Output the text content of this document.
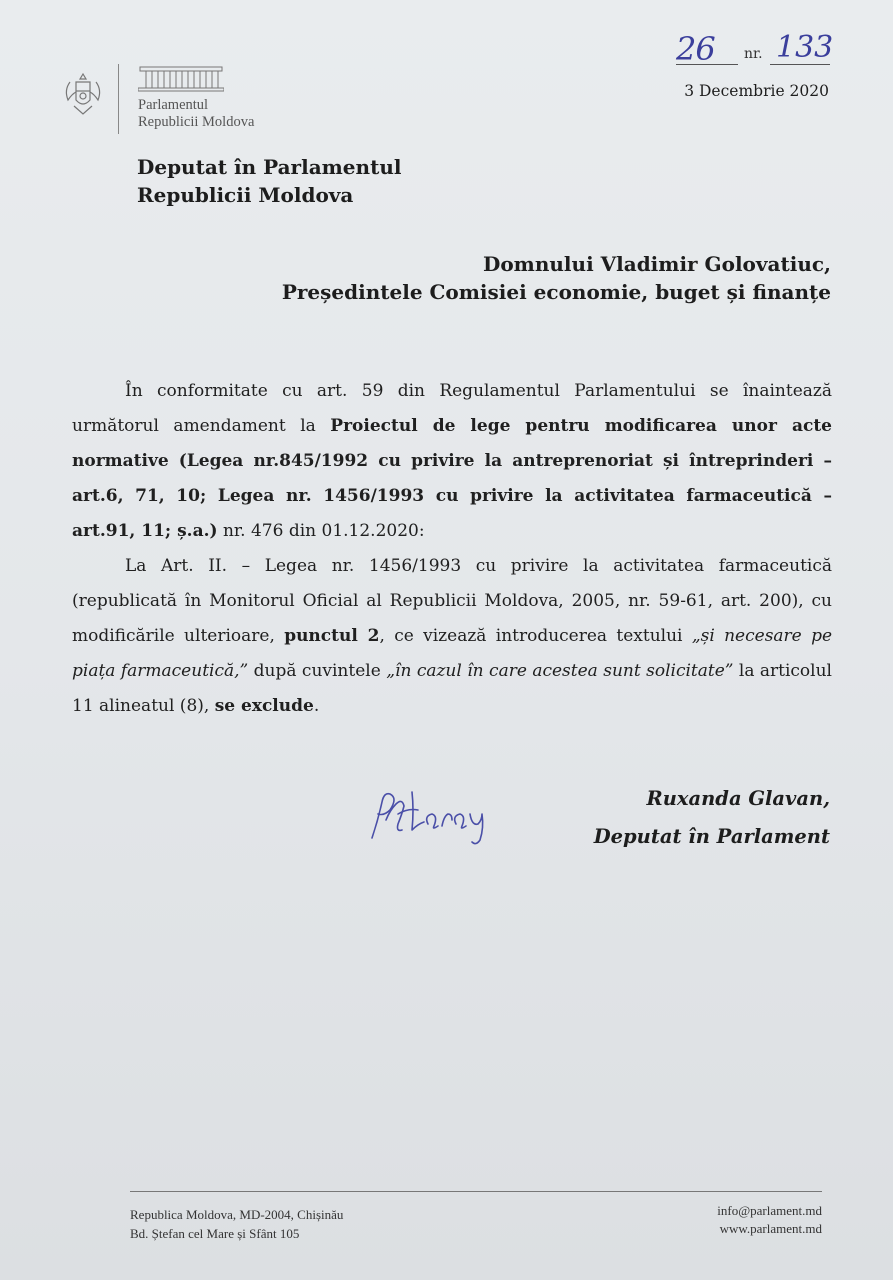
26 nr. 133
3 Decembrie 2020
Parlamentul
Republicii Moldova
Deputat în Parlamentul
Republicii Moldova
Domnului Vladimir Golovatiuc,
Președintele Comisiei economie, buget și finanțe

În conformitate cu art. 59 din Regulamentul Parlamentului se înaintează următorul amendament la Proiectul de lege pentru modificarea unor acte normative (Legea nr.845/1992 cu privire la antreprenoriat și întreprinderi – art.6, 71, 10; Legea nr. 1456/1993 cu privire la activitatea farmaceutică – art.91, 11; ș.a.) nr. 476 din 01.12.2020:

La Art. II. – Legea nr. 1456/1993 cu privire la activitatea farmaceutică (republicată în Monitorul Oficial al Republicii Moldova, 2005, nr. 59-61, art. 200), cu modificările ulterioare, punctul 2, ce vizează introducerea textului „și necesare pe piața farmaceutică,” după cuvintele „în cazul în care acestea sunt solicitate” la articolul 11 alineatul (8), se exclude.

Ruxanda Glavan,
Deputat în Parlament
Republica Moldova, MD-2004, Chișinău
Bd. Ștefan cel Mare și Sfânt 105
info@parlament.md
www.parlament.md
